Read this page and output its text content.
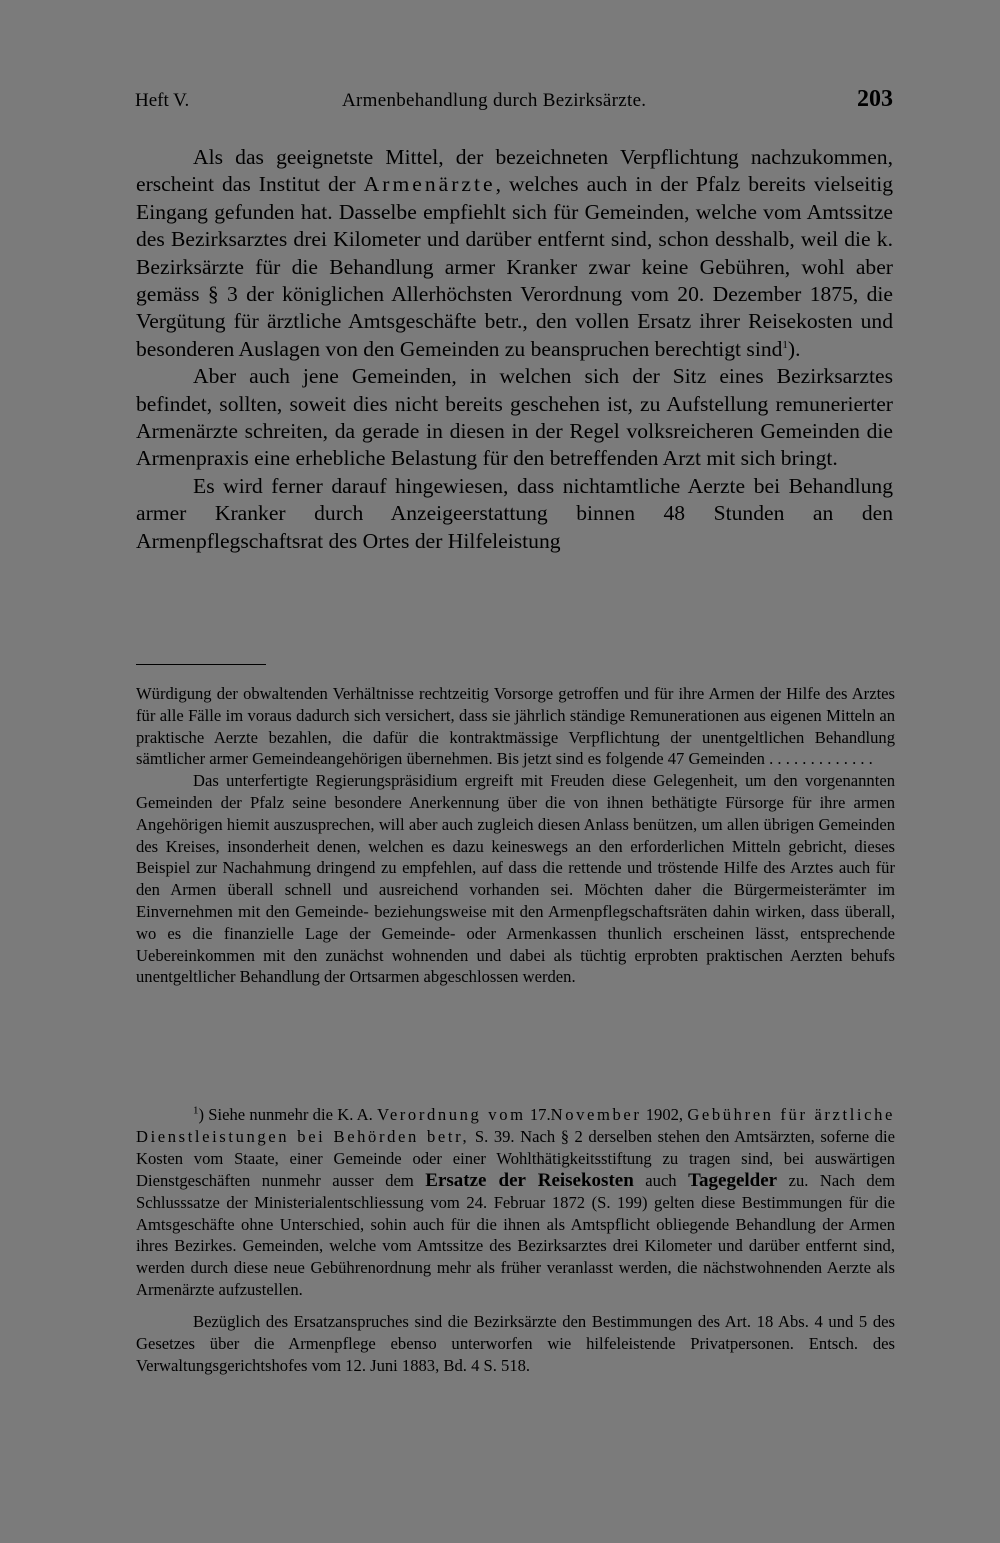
Heft V.	Armenbehandlung durch Bezirksärzte.	203

Als das geeignetste Mittel, der bezeichneten Verpflichtung nachzukommen, erscheint das Institut der Armenärzte, welches auch in der Pfalz bereits vielseitig Eingang gefunden hat. Dasselbe empfiehlt sich für Gemeinden, welche vom Amtssitze des Bezirksarztes drei Kilometer und darüber entfernt sind, schon desshalb, weil die k. Bezirksärzte für die Behandlung armer Kranker zwar keine Gebühren, wohl aber gemäss § 3 der königlichen Allerhöchsten Verordnung vom 20. Dezember 1875, die Vergütung für ärztliche Amtsgeschäfte betr., den vollen Ersatz ihrer Reisekosten und besonderen Auslagen von den Gemeinden zu beanspruchen berechtigt sind$^1$).

Aber auch jene Gemeinden, in welchen sich der Sitz eines Bezirksarztes befindet, sollten, soweit dies nicht bereits geschehen ist, zu Aufstellung remunerierter Armenärzte schreiten, da gerade in diesen in der Regel volksreicheren Gemeinden die Armenpraxis eine erhebliche Belastung für den betreffenden Arzt mit sich bringt.

Es wird ferner darauf hingewiesen, dass nichtamtliche Aerzte bei Behandlung armer Kranker durch Anzeigeerstattung binnen 48 Stunden an den Armenpflegschaftsrat des Ortes der Hilfeleistung

Würdigung der obwaltenden Verhältnisse rechtzeitig Vorsorge getroffen und für ihre Armen der Hilfe des Arztes für alle Fälle im voraus dadurch sich versichert, dass sie jährlich ständige Remunerationen aus eigenen Mitteln an praktische Aerzte bezahlen, die dafür die kontraktmässige Verpflichtung der unentgeltlichen Behandlung sämtlicher armer Gemeindeangehörigen übernehmen. Bis jetzt sind es folgende 47 Gemeinden . . . . . . . . . . . . .

Das unterfertigte Regierungspräsidium ergreift mit Freuden diese Gelegenheit, um den vorgenannten Gemeinden der Pfalz seine besondere Anerkennung über die von ihnen bethätigte Fürsorge für ihre armen Angehörigen hiemit auszusprechen, will aber auch zugleich diesen Anlass benützen, um allen übrigen Gemeinden des Kreises, insonderheit denen, welchen es dazu keineswegs an den erforderlichen Mitteln gebricht, dieses Beispiel zur Nachahmung dringend zu empfehlen, auf dass die rettende und tröstende Hilfe des Arztes auch für den Armen überall schnell und ausreichend vorhanden sei. Möchten daher die Bürgermeisterämter im Einvernehmen mit den Gemeinde- beziehungsweise mit den Armenpflegschaftsräten dahin wirken, dass überall, wo es die finanzielle Lage der Gemeinde- oder Armenkassen thunlich erscheinen lässt, entsprechende Uebereinkommen mit den zunächst wohnenden und dabei als tüchtig erprobten praktischen Aerzten behufs unentgeltlicher Behandlung der Ortsarmen abgeschlossen werden.

$^1$) Siehe nunmehr die K. A. Verordnung vom 17.November 1902, Gebühren für ärztliche Dienstleistungen bei Behörden betr, S. 39. Nach § 2 derselben stehen den Amtsärzten, soferne die Kosten vom Staate, einer Gemeinde oder einer Wohlthätigkeitsstiftung zu tragen sind, bei auswärtigen Dienstgeschäften nunmehr ausser dem Ersatze der Reisekosten auch Tagegelder zu. Nach dem Schlusssatze der Ministerialentschliessung vom 24. Februar 1872 (S. 199) gelten diese Bestimmungen für die Amtsgeschäfte ohne Unterschied, sohin auch für die ihnen als Amtspflicht obliegende Behandlung der Armen ihres Bezirkes. Gemeinden, welche vom Amtssitze des Bezirksarztes drei Kilometer und darüber entfernt sind, werden durch diese neue Gebührenordnung mehr als früher veranlasst werden, die nächstwohnenden Aerzte als Armenärzte aufzustellen.

Bezüglich des Ersatzanspruches sind die Bezirksärzte den Bestimmungen des Art. 18 Abs. 4 und 5 des Gesetzes über die Armenpflege ebenso unterworfen wie hilfeleistende Privatpersonen. Entsch. des Verwaltungsgerichtshofes vom 12. Juni 1883, Bd. 4 S. 518.
